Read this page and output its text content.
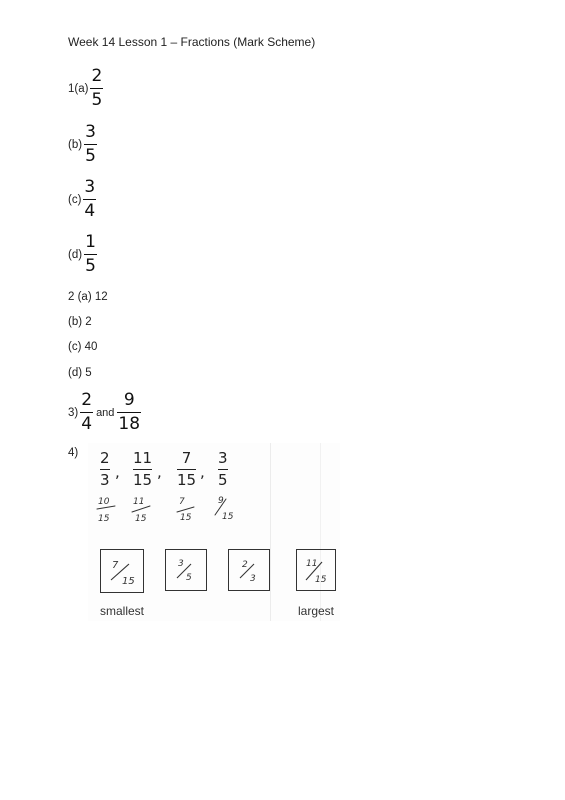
Week 14 Lesson 1 – Fractions (Mark Scheme)
$1(a) \frac{2}{5}$
$(b) \frac{3}{5}$
$(c) \frac{3}{4}$
$(d) \frac{1}{5}$
2 (a) 12
(b) 2
(c) 40
(d) 5
$3) \frac{2}{4}$ and $\frac{9}{18}$
4) 2
3 ,
11
15 ,
7
15 ,
3
5
10
15
11
15
7
15
9
15
7
15
3
5
2
3
11
15
smallest	largest
